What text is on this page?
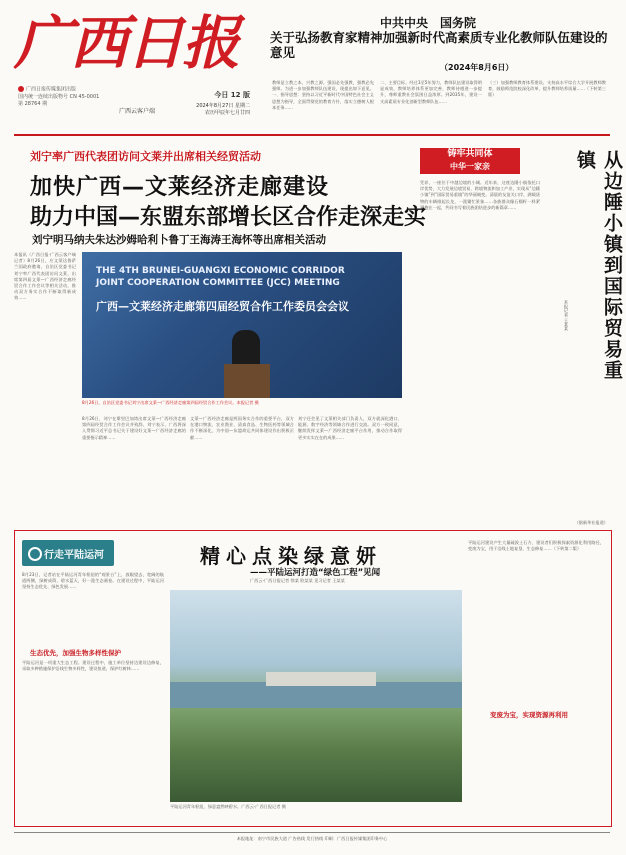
广西日报
广西日报传媒集团出版
国内统一连续出版物号 CN 45-0001
第 28764 期
广西云客户端
今日 12 版
2024年8月27日 星期二
农历甲辰年七月廿四
中共中央　国务院
关于弘扬教育家精神加强新时代高素质专业化教师队伍建设的意见
（2024年8月6日）
教师是立教之本、兴教之源。强国必先强教，强教必先强师。为进一步加强教师队伍建设，现提出如下意见。一、指导思想：坚持以习近平新时代中国特色社会主义思想为指导，全面贯彻党的教育方针，落实立德树人根本任务……
二、主要目标。经过3至5年努力，教师队伍建设取得明显成效，教师培养体系更加完善，教师待遇进一步提升，尊师重教社会氛围日益浓厚。到2035年，建设一支高素质专业化创新型教师队伍……
（三）加强教师教育体系建设。支持高水平综合大学开展教师教育，鼓励师范院校深化改革，提升教师培养质量……（下转第三版）
刘宁率广西代表团访问文莱并出席相关经贸活动
加快广西—文莱经济走廊建设
助力中国—东盟东部增长区合作走深走实
刘宁明马纳夫朱达沙姆哈利卜鲁丁王海涛王海怀等出席相关活动
本报讯（广西日报·广西云客户端记者）8月26日，应文莱达鲁萨兰国政府邀请，自治区党委书记刘宁率广西代表团访问文莱，出席第四届文莱—广西经济走廊经贸合作工作会议等相关活动，推动双方务实合作不断取得新成效……
THE 4TH BRUNEI-GUANGXI ECONOMIC CORRIDOR
JOINT COOPERATION COMMITTEE (JCC) MEETING
广西—文莱经济走廊第四届经贸合作工作委员会会议
8月26日，自治区党委书记刘宁出席文莱—广西经济走廊第四届经贸合作工作会议。本报记者 摄
8月26日，刘宁在斯里巴加湾出席文莱—广西经济走廊第四届经贸合作工作会议并致辞。刘宁表示，广西将深入贯彻习近平总书记关于建设好文莱—广西经济走廊的重要指示精神……
文莱—广西经济走廊是两国务实合作的重要平台，双方在港口物流、农业渔业、清真食品、生物医药等领域合作不断深化，为中国—东盟命运共同体建设作出积极贡献……
刘宁还会见了文莱相关部门负责人，双方就深化港口、能源、数字经济等领域合作进行交流。双方一致同意，继续发挥文莱—广西经济走廊平台作用，推动合作取得更多实实在在的成果……
铸牢共同体
中华一家亲	从边陲小镇到国际贸易重镇
本报记者 王某某
凭祥，一座位于中越边境的小城。近年来，这座边陲小镇依托口岸优势，大力发展边境贸易、跨境物流和加工产业，实现从“边陲小镇”到“国际贸易重镇”的华丽蜕变。清晨的友谊关口岸，满载货物的车辆排起长龙，一派繁忙景象……各族群众像石榴籽一样紧紧抱在一起，共同书写着民族团结进步的新篇章……
（据新华社报道）
行走平陆运河	精心点染绿意妍
——平陆运河打造“绿色工程”见闻
广西云-广西日报记者 徐某 欧某某 见习记者 王某某
8月23日，记者站在平陆运河青年枢纽的“观景台”上，放眼望去，宽阔的航道两侧，绿树成荫，碧水蓝天，好一派生态画卷。在建设过程中，平陆运河坚持生态优先、绿色发展……
生态优先，加强生物多样性保护
平陆运河是一项重大生态工程。建设过程中，施工单位坚持边建设边修复，采取多种措施保护沿线生物多样性，建设鱼道，保护红树林……
平陆运河青年枢纽，绿意盎然映碧水。广西云-广西日报记者 摄
变废为宝，实现资源再利用
平陆运河建设产生大量疏浚土石方，建设者们积极探索资源化利用路径，变废为宝，用于沿线土地复垦、生态修复……（下转第二版）
本报地址：南宁市民族大道 广告热线 发行热线 印刷：广西日报传媒集团印务中心
